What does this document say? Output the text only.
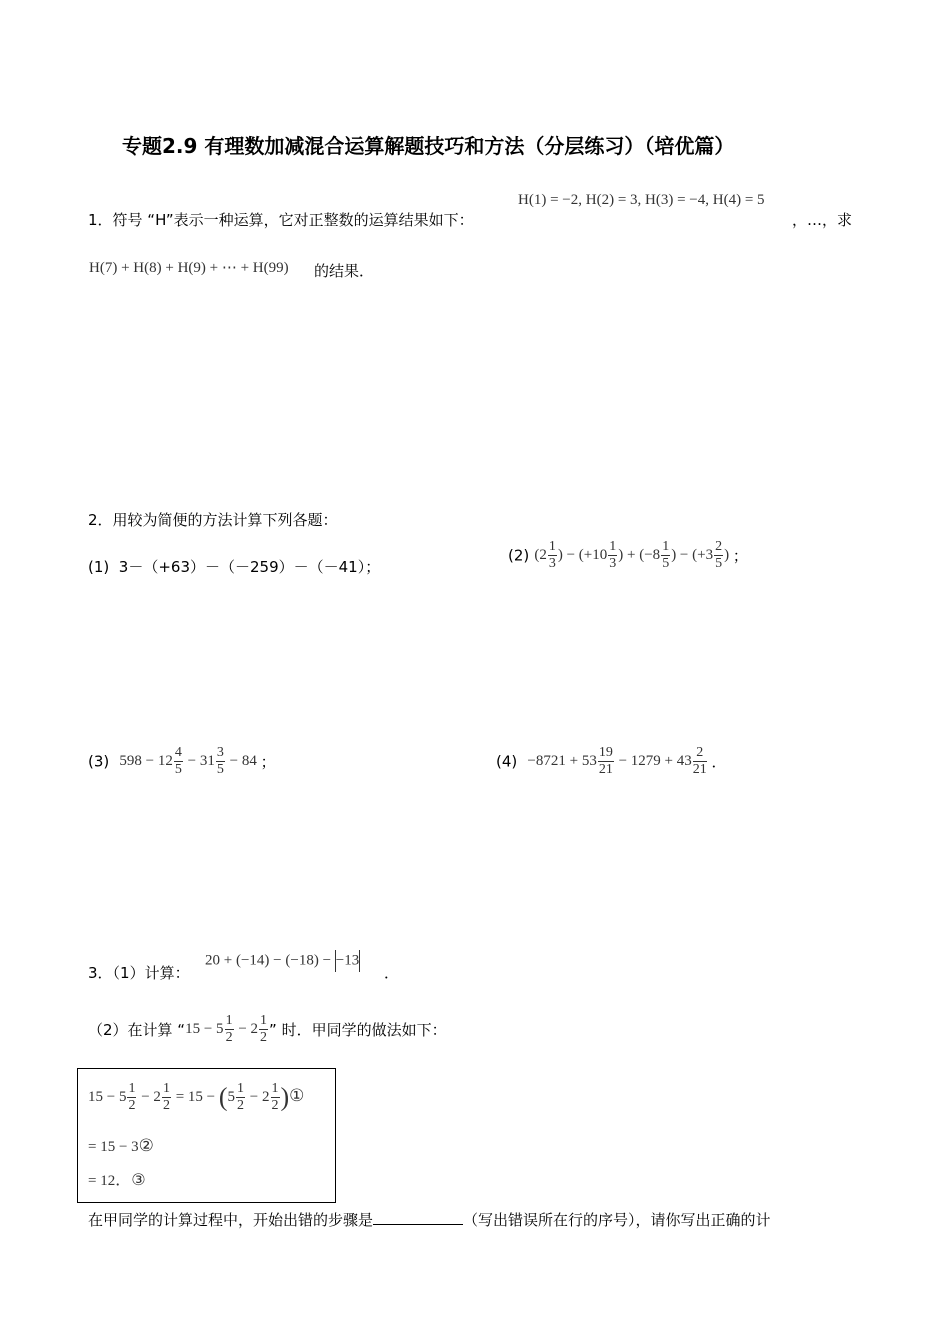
专题2.9 有理数加减混合运算解题技巧和方法（分层练习）（培优篇）
1．符号 “H”表示一种运算，它对正整数的运算结果如下：
H(1) = −2, H(2) = 3, H(3) = −4, H(4) = 5
，…，求
H(7) + H(8) + H(9) + ⋯ + H(99) 的结果．
2．用较为简便的方法计算下列各题：
(1) 3－（+63）－（－259）－（－41）；
(2) ($2 \frac{1}{3}$ ) − ($+10 \frac{1}{3}$ ) + ($-8 \frac{1}{5}$ ) − ($+3 \frac{2}{5}$ ) ；
(3) $598 - 12 \frac{4}{5} - 31 \frac{3}{5} - 84$ ；	$(4) -8721 + 53 \frac{19}{21} - 1279 + 43 \frac{2}{21}$ ．
3．（1）计算：
20 + (−14) − (−18) − −13
．
（2）在计算 “$15 - 5 \frac{1}{2} - 2 \frac{1}{2}$ ” 时．甲同学的做法如下：
$15 - 5 \frac{1}{2} - 2 \frac{1}{2} = 15 - (5 \frac{1}{2} - 2 \frac{1}{2}$ )①
= 15 − 3②
= 12．③
在甲同学的计算过程中，开始出错的步骤是	（写出错误所在行的序号），请你写出正确的计
